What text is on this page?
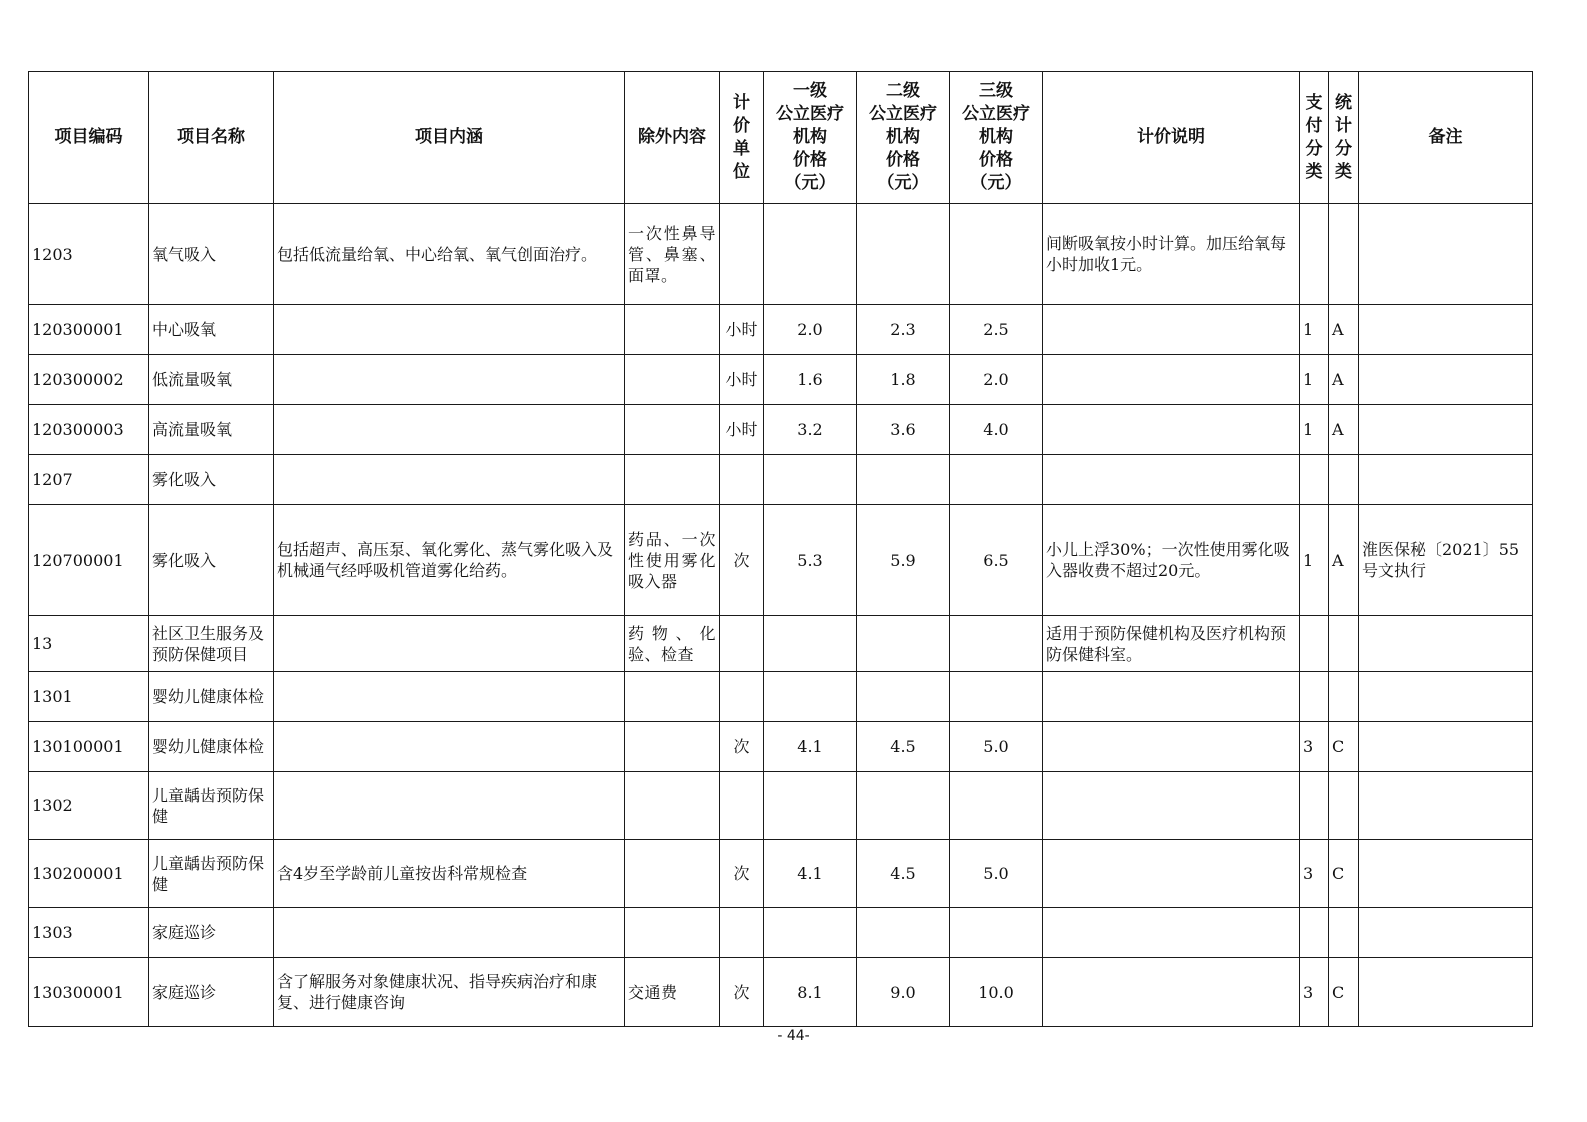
项目编码	项目名称	项目内涵	除外内容	计
价
单
位	一级
公立医疗
机构
价格
（元）	二级
公立医疗
机构
价格
（元）	三级
公立医疗
机构
价格
（元）	计价说明	支
付
分
类	统
计
分
类	备注
1203	氧气吸入	包括低流量给氧、中心给氧、氧气创面治疗。	一次性鼻导管、鼻塞、面罩。					间断吸氧按小时计算。加压给氧每小时加收1元。			
120300001	中心吸氧			小时	2.0	2.3	2.5		1	A	
120300002	低流量吸氧			小时	1.6	1.8	2.0		1	A	
120300003	高流量吸氧			小时	3.2	3.6	4.0		1	A	
1207	雾化吸入										
120700001	雾化吸入	包括超声、高压泵、氧化雾化、蒸气雾化吸入及机械通气经呼吸机管道雾化给药。	药品、一次性使用雾化吸入器	次	5.3	5.9	6.5	小儿上浮30%；一次性使用雾化吸入器收费不超过20元。	1	A	淮医保秘〔2021〕55号文执行
13	社区卫生服务及预防保健项目		药物、化验、检查					适用于预防保健机构及医疗机构预防保健科室。			
1301	婴幼儿健康体检										
130100001	婴幼儿健康体检			次	4.1	4.5	5.0		3	C	
1302	儿童龋齿预防保健										
130200001	儿童龋齿预防保健	含4岁至学龄前儿童按齿科常规检查		次	4.1	4.5	5.0		3	C	
1303	家庭巡诊										
130300001	家庭巡诊	含了解服务对象健康状况、指导疾病治疗和康复、进行健康咨询	交通费	次	8.1	9.0	10.0		3	C	
- 44-
